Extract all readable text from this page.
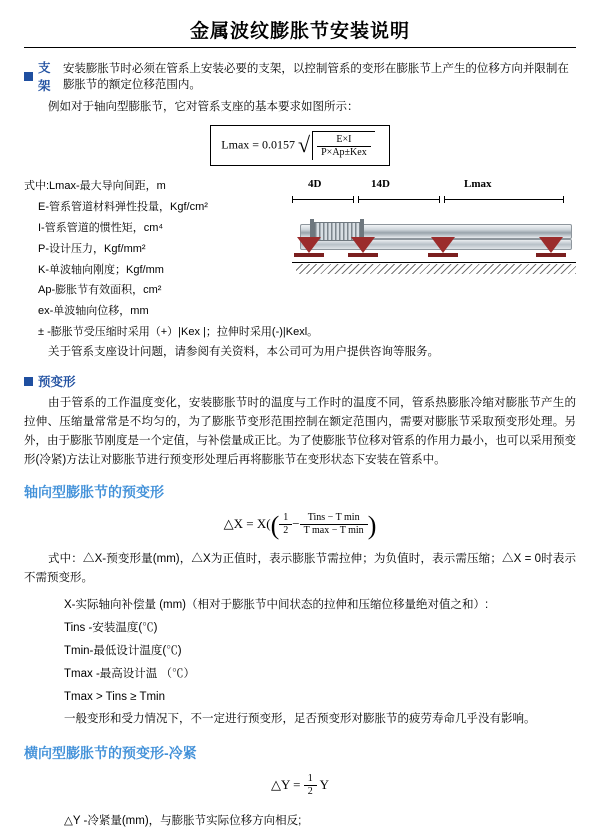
金属波纹膨胀节安装说明
支架
安装膨胀节时必须在管系上安装必要的支架，以控制管系的变形在膨胀节上产生的位移方向并限制在膨胀节的额定位移范围内。

例如对于轴向型膨胀节，它对管系支座的基本要求如图所示：

Lmax = 0.0157 √ $\frac{E\times I}{\text{P×Ap±Kex}}$
式中:Lmax-最大导向间距，m
E-管系管道材料弹性投量，Kgf/cm²
I-管系管道的惯性矩，cm⁴
P-设计压力，Kgf/mm²
K-单波轴向刚度；Kgf/mm
Ap-膨胀节有效面积，cm²
ex-单波轴向位移，mm
± -膨胀节受压缩时采用（+）|Kex |；拉伸时采用(-)|Kexl。
4D	14D	Lmax

关于管系支座设计问题，请参阅有关资料，本公司可为用户提供咨询等服务。

预变形

由于管系的工作温度变化，安装膨胀节时的温度与工作时的温度不同，管系热膨胀冷缩对膨胀节产生的拉伸、压缩量常常是不均匀的，为了膨胀节变形范围控制在额定范围内，需要对膨胀节采取预变形处理。另外，由于膨胀节刚度是一个定值，与补偿量成正比。为了使膨胀节位移对管系的作用力最小，也可以采用预变形(冷紧)方法让对膨胀节进行预变形处理后再将膨胀节在变形状态下安装在管系中。

轴向型膨胀节的预变形
△X = $X(( \frac{1}{2} - \frac{\text{Tins − T min}}{\text{T max − T min}}$ )

式中：△X-预变形量(mm)，△X为正值时，表示膨胀节需拉伸；为负值时，表示需压缩；△X = 0时表示不需预变形。

X-实际轴向补偿量 (mm)（相对于膨胀节中间状态的拉伸和压缩位移量绝对值之和）:
Tins -安装温度(℃)
Tmin-最低设计温度(℃)
Tmax -最高设计温 （℃）
Tmax > Tins ≥ Tmin
一般变形和受力情况下，不一定进行预变形，足否预变形对膨胀节的疲劳寿命几乎没有影响。
横向型膨胀节的预变形-冷紧
△Y = $\frac{1}{2}$ Y
△Y -冷紧量(mm)，与膨胀节实际位移方向相反;
